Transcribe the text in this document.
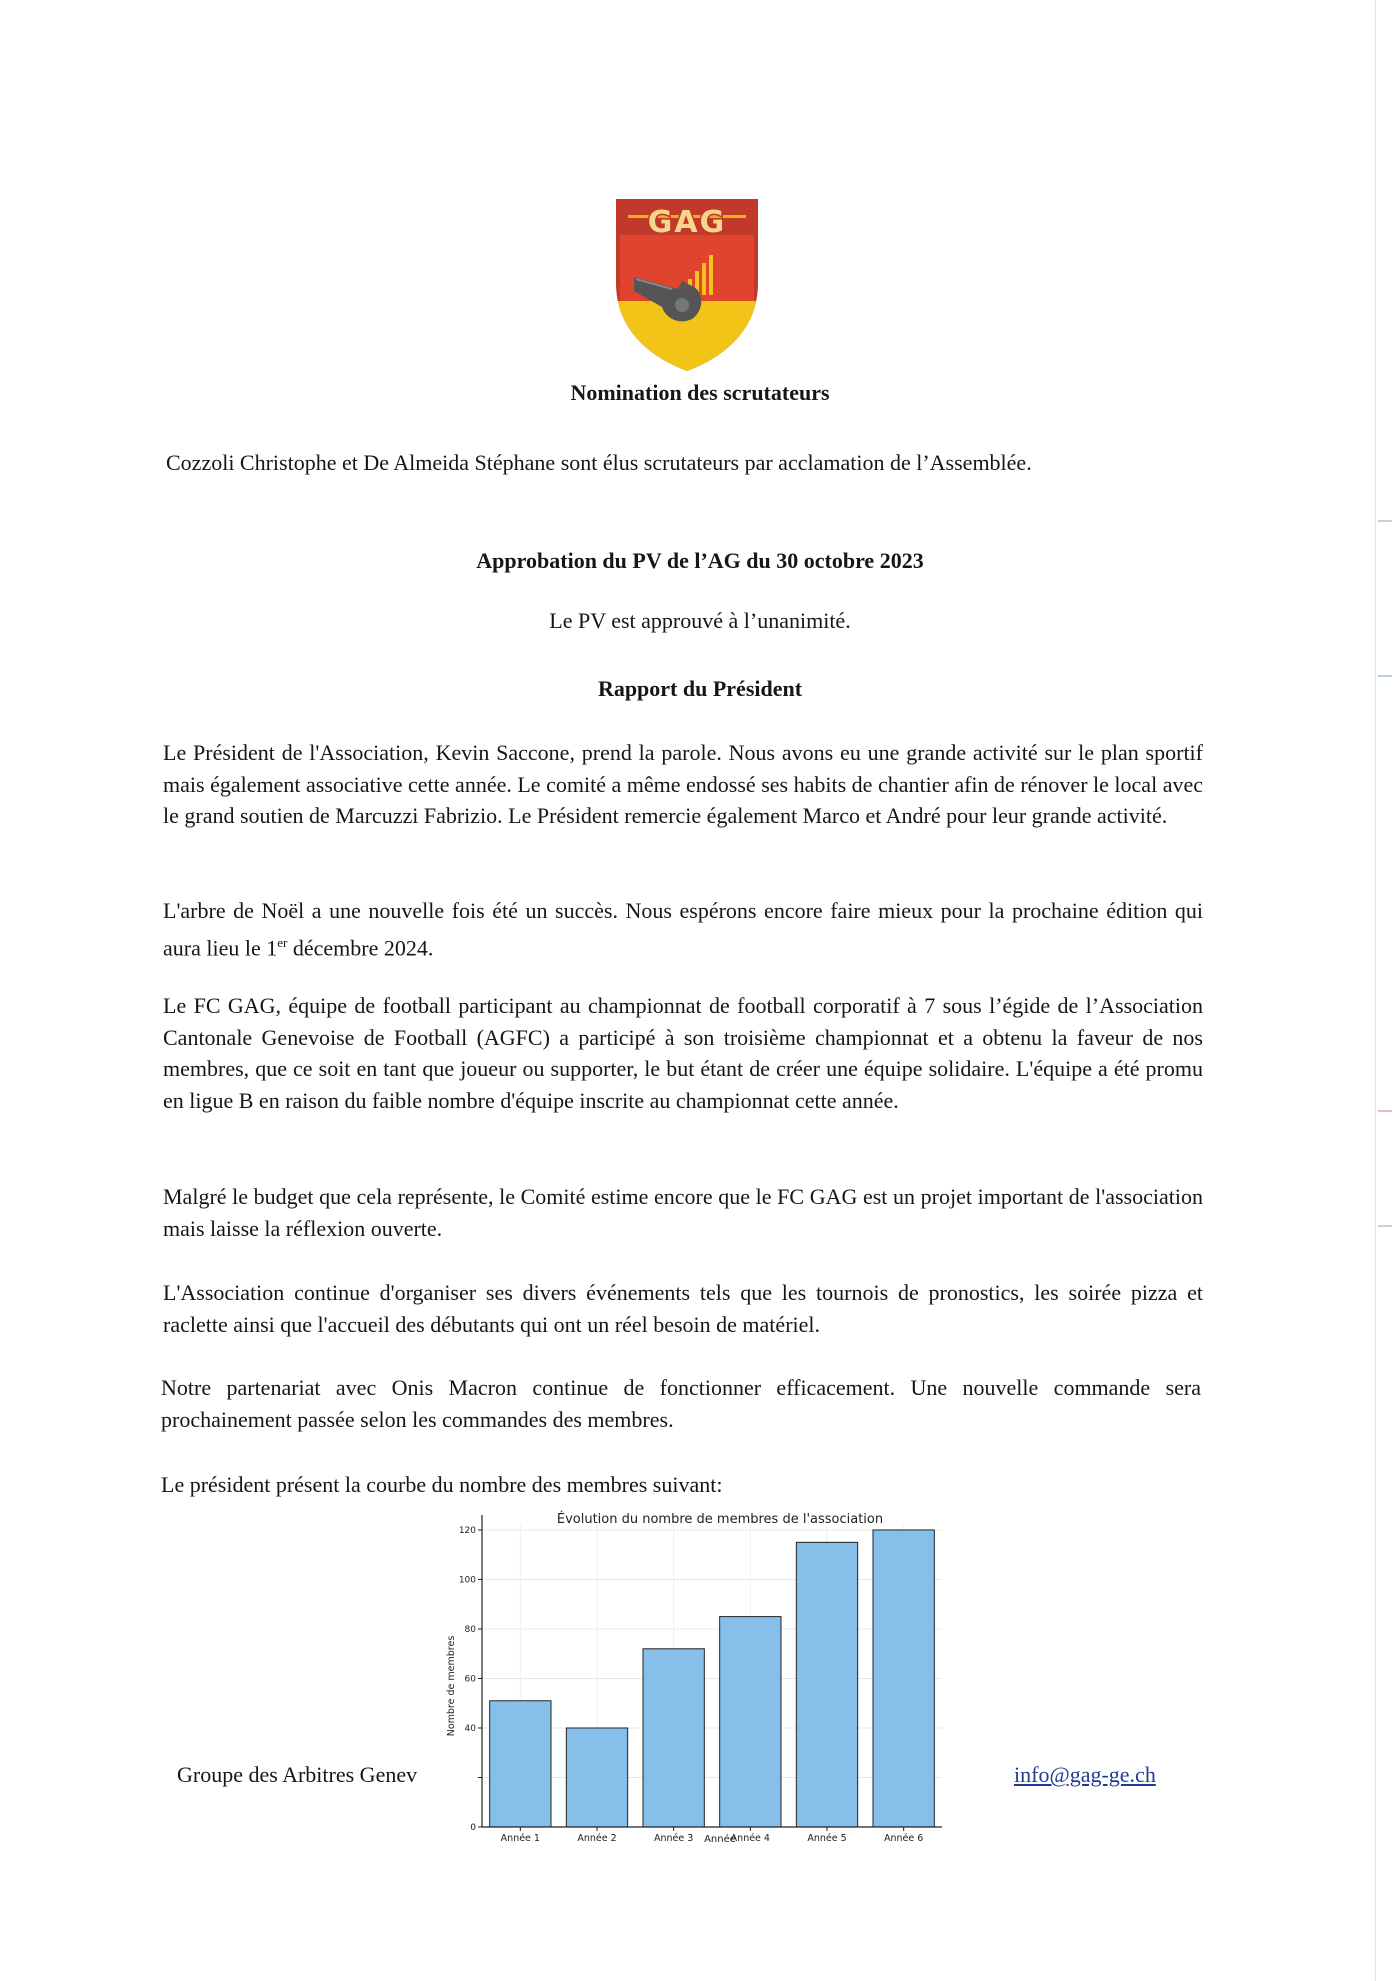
GAG
Nomination des scrutateurs

Cozzoli Christophe et De Almeida Stéphane sont élus scrutateurs par acclamation de l’Assemblée.

Approbation du PV de l’AG du 30 octobre 2023

Le PV est approuvé à l’unanimité.

Rapport du Président

Le Président de l'Association, Kevin Saccone, prend la parole. Nous avons eu une grande activité sur le plan sportif mais également associative cette année. Le comité a même endossé ses habits de chantier afin de rénover le local avec le grand soutien de Marcuzzi Fabrizio. Le Président remercie également Marco et André pour leur grande activité.

L'arbre de Noël a une nouvelle fois été un succès. Nous espérons encore faire mieux pour la prochaine édition qui aura lieu le 1er décembre 2024.

Le FC GAG, équipe de football participant au championnat de football corporatif à 7 sous l’égide de l’Association Cantonale Genevoise de Football (AGFC) a participé à son troisième championnat et a obtenu la faveur de nos membres, que ce soit en tant que joueur ou supporter, le but étant de créer une équipe solidaire. L'équipe a été promu en ligue B en raison du faible nombre d'équipe inscrite au championnat cette année.

Malgré le budget que cela représente, le Comité estime encore que le FC GAG est un projet important de l'association mais laisse la réflexion ouverte.

L'Association continue d'organiser ses divers événements tels que les tournois de pronostics, les soirée pizza et raclette ainsi que l'accueil des débutants qui ont un réel besoin de matériel.

Notre partenariat avec Onis Macron continue de fonctionner efficacement. Une nouvelle commande sera prochainement passée selon les commandes des membres.

Le président présent la courbe du nombre des membres suivant:

Évolution du nombre de membres de l'association
Nombre de membres
Année
0
40
60
80
100
120
Année 1	Année 2	Année 3	Année 4	Année 5	Année 6

Groupe des Arbitres Genev	info@gag-ge.ch
